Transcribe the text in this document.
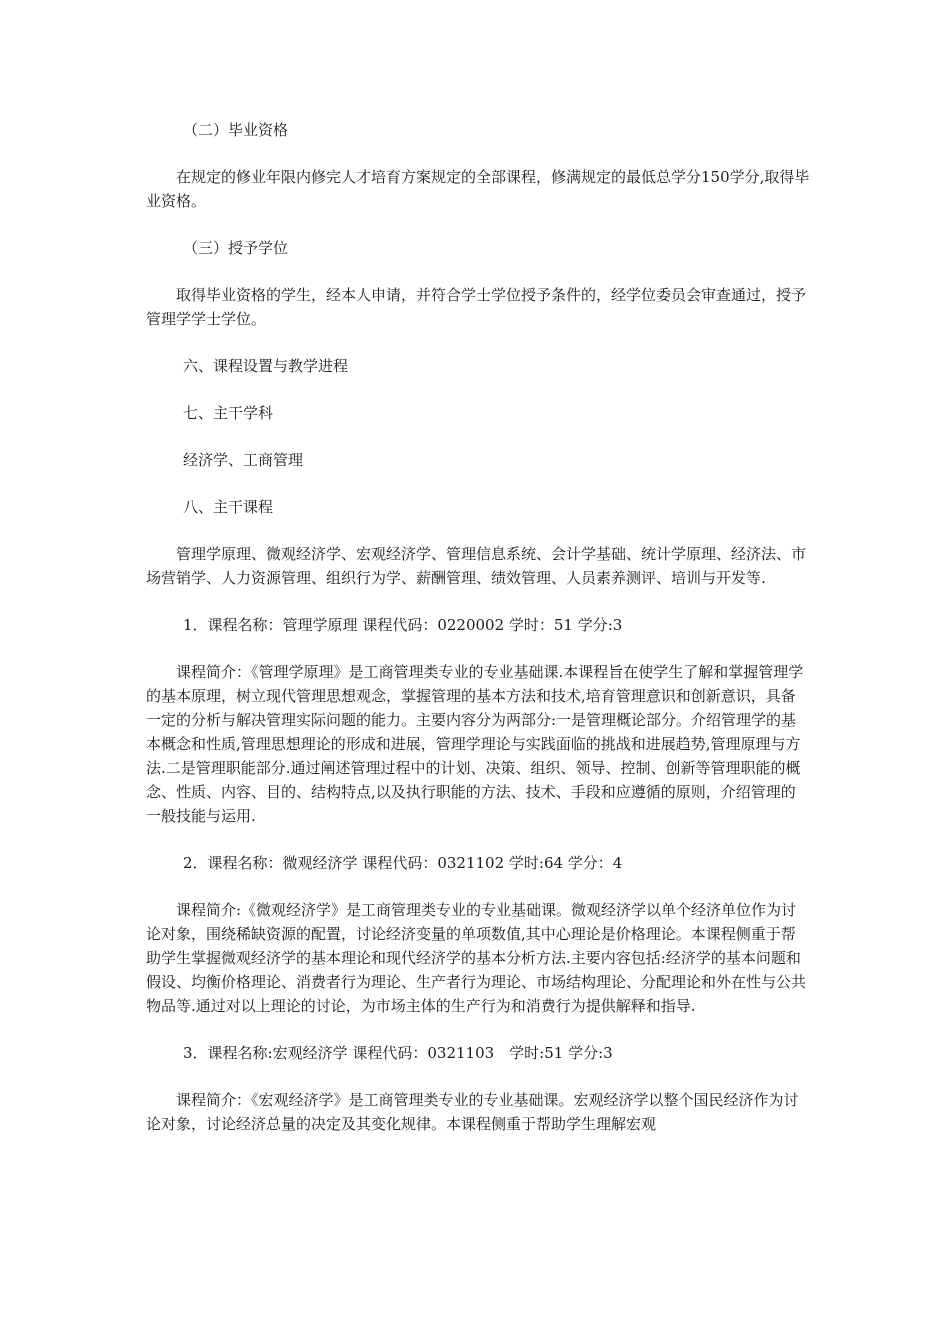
（二）毕业资格

在规定的修业年限内修完人才培育方案规定的全部课程，修满规定的最低总学分150学分,取得毕业资格。

（三）授予学位

取得毕业资格的学生，经本人申请，并符合学士学位授予条件的，经学位委员会审查通过，授予管理学学士学位。

六、课程设置与教学进程

七、主干学科

经济学、工商管理

八、主干课程

管理学原理、微观经济学、宏观经济学、管理信息系统、会计学基础、统计学原理、经济法、市场营销学、人力资源管理、组织行为学、薪酬管理、绩效管理、人员素养测评、培训与开发等.

1．课程名称：管理学原理 课程代码：0220002 学时：51 学分:3

课程简介：《管理学原理》是工商管理类专业的专业基础课.本课程旨在使学生了解和掌握管理学的基本原理，树立现代管理思想观念，掌握管理的基本方法和技术,培育管理意识和创新意识，具备一定的分析与解决管理实际问题的能力。主要内容分为两部分:一是管理概论部分。介绍管理学的基本概念和性质,管理思想理论的形成和进展，管理学理论与实践面临的挑战和进展趋势,管理原理与方法.二是管理职能部分.通过阐述管理过程中的计划、决策、组织、领导、控制、创新等管理职能的概念、性质、内容、目的、结构特点,以及执行职能的方法、技术、手段和应遵循的原则，介绍管理的一般技能与运用.

2．课程名称：微观经济学 课程代码：0321102 学时:64 学分：4

课程简介:《微观经济学》是工商管理类专业的专业基础课。微观经济学以单个经济单位作为讨论对象，围绕稀缺资源的配置，讨论经济变量的单项数值,其中心理论是价格理论。本课程侧重于帮助学生掌握微观经济学的基本理论和现代经济学的基本分析方法.主要内容包括:经济学的基本问题和假设、均衡价格理论、消费者行为理论、生产者行为理论、市场结构理论、分配理论和外在性与公共物品等.通过对以上理论的讨论，为市场主体的生产行为和消费行为提供解释和指导.

3．课程名称:宏观经济学 课程代码：0321103　学时:51 学分:3

课程简介：《宏观经济学》是工商管理类专业的专业基础课。宏观经济学以整个国民经济作为讨论对象，讨论经济总量的决定及其变化规律。本课程侧重于帮助学生理解宏观
